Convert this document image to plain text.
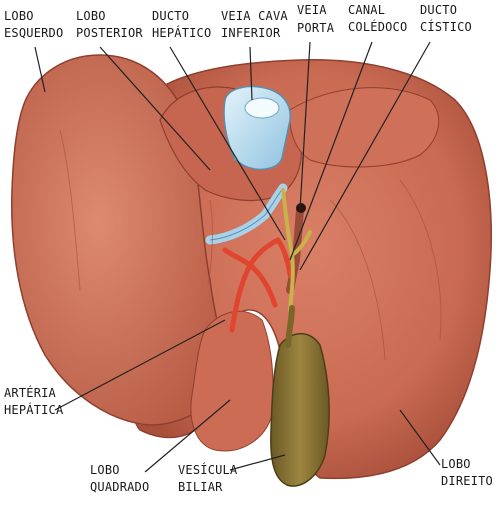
LOBO
ESQUERDO
LOBO
POSTERIOR
DUCTO
HEPÁTICO
VEIA CAVA
INFERIOR
VEIA
PORTA
CANAL
COLÉDOCO
DUCTO
CÍSTICO
ARTÉRIA
HEPÁTICA
LOBO
QUADRADO
VESÍCULA
BILIAR
LOBO
DIREITO
